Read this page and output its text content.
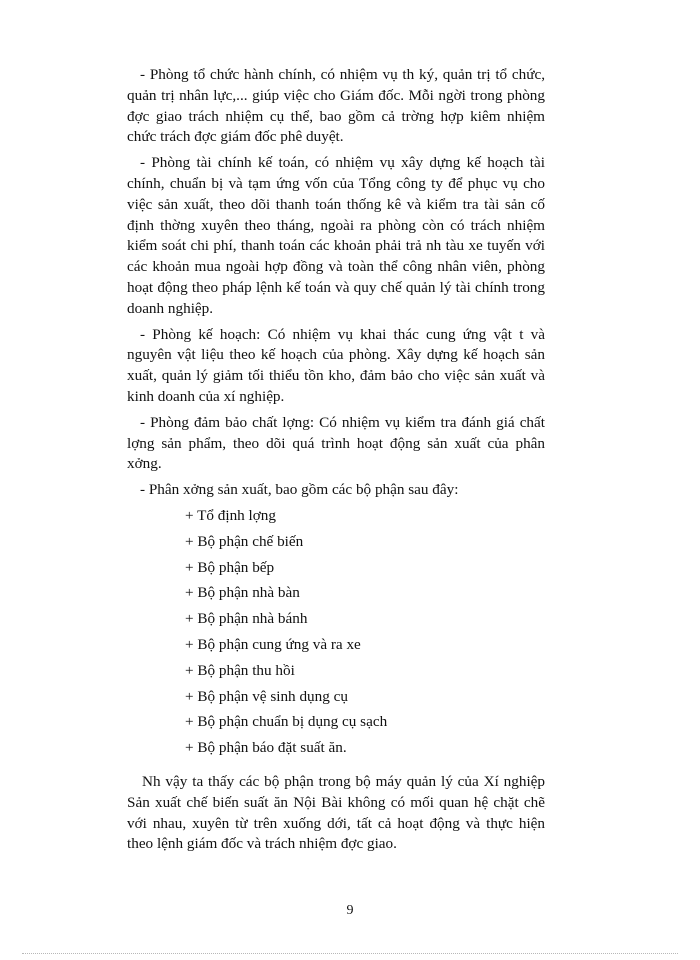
- Phòng tổ chức hành chính, có nhiệm vụ th ký, quản trị tổ chức, quản trị nhân lực,... giúp việc cho Giám đốc. Mỗi ngời trong phòng đợc giao trách nhiệm cụ thể, bao gồm cả trờng hợp kiêm nhiệm chức trách đợc giám đốc phê duyệt.

- Phòng tài chính kế toán, có nhiệm vụ xây dựng kế hoạch tài chính, chuẩn bị và tạm ứng vốn của Tổng công ty để phục vụ cho việc sản xuất, theo dõi thanh toán thống kê và kiểm tra tài sản cố định thờng xuyên theo tháng, ngoài ra phòng còn có trách nhiệm kiểm soát chi phí, thanh toán các khoản phải trả nh tàu xe tuyến với các khoản mua ngoài hợp đồng và toàn thể công nhân viên, phòng hoạt động theo pháp lệnh kế toán và quy chế quản lý tài chính trong doanh nghiệp.

- Phòng kế hoạch: Có nhiệm vụ khai thác cung ứng vật t và nguyên vật liệu theo kế hoạch của phòng. Xây dựng kế hoạch sản xuất, quản lý giảm tối thiểu tồn kho, đảm bảo cho việc sản xuất và kinh doanh của xí nghiệp.

- Phòng đảm bảo chất lợng: Có nhiệm vụ kiểm tra đánh giá chất lợng sản phẩm, theo dõi quá trình hoạt động sản xuất của phân xởng.

- Phân xởng sản xuất, bao gồm các bộ phận sau đây:

+ Tổ định lợng
+ Bộ phận chế biến
+ Bộ phận bếp
+ Bộ phận nhà bàn
+ Bộ phận nhà bánh
+ Bộ phận cung ứng và ra xe
+ Bộ phận thu hồi
+ Bộ phận vệ sinh dụng cụ
+ Bộ phận chuẩn bị dụng cụ sạch
+ Bộ phận báo đặt suất ăn.

Nh vậy ta thấy các bộ phận trong bộ máy quản lý của Xí nghiệp Sản xuất chế biến suất ăn Nội Bài không có mối quan hệ chặt chẽ với nhau, xuyên từ trên xuống dới, tất cả hoạt động và thực hiện theo lệnh giám đốc và trách nhiệm đợc giao.

9
